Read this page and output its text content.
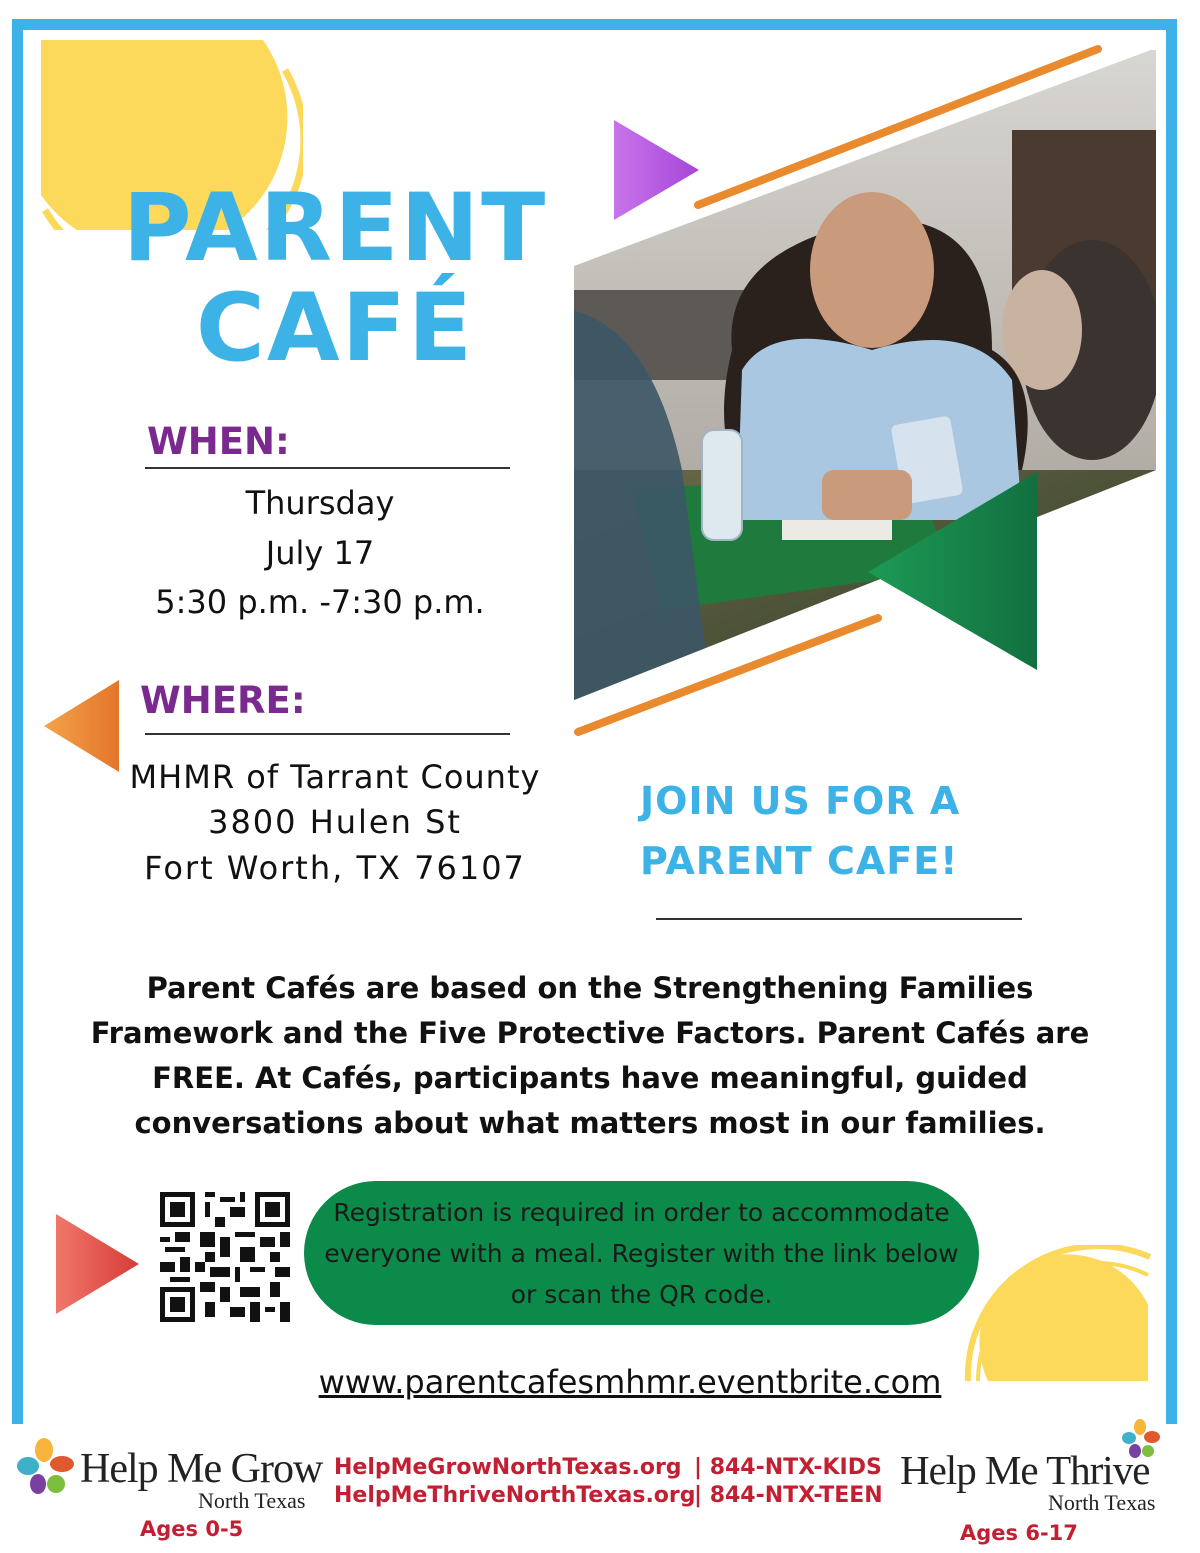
PARENT
CAFÉ
WHEN:
Thursday
July 17
5:30 p.m. -7:30 p.m.
WHERE:
MHMR of Tarrant County
3800 Hulen St
Fort Worth, TX 76107
JOIN US FOR A
PARENT CAFE!

Parent Cafés are based on the Strengthening Families Framework and the Five Protective Factors. Parent Cafés are FREE. At Cafés, participants have meaningful, guided conversations about what matters most in our families.

Registration is required in order to accommodate everyone with a meal. Register with the link below or scan the QR code.
www.parentcafesmhmr.eventbrite.com
Help Me Grow
North Texas
Ages 0-5
HelpMeGrowNorthTexas.org | 844-NTX-KIDS
HelpMeThriveNorthTexas.org
| 844-NTX-TEEN
Help Me Thrive
North Texas
Ages 6-17
